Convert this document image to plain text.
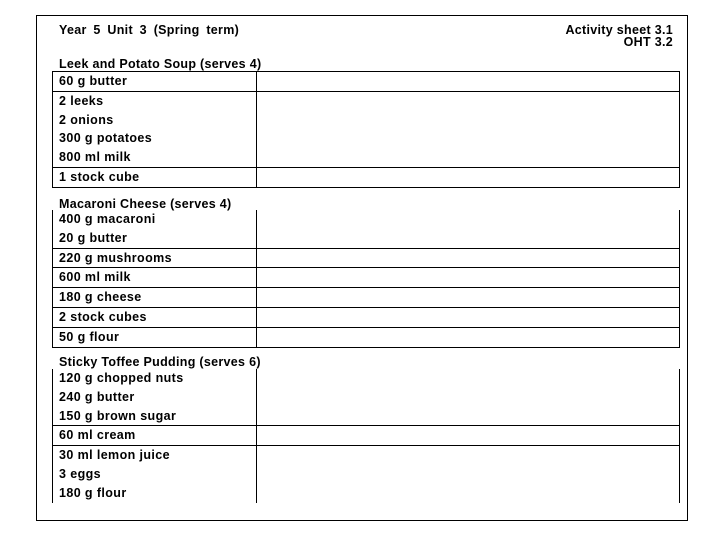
Year 5 Unit 3 (Spring term)	Activity sheet 3.1
OHT 3.2
Leek and Potato Soup (serves 4)
60 g butter
2 leeks
2 onions
300 g potatoes
800 ml milk
1 stock cube
Macaroni Cheese (serves 4)
400 g macaroni
20 g butter
220 g mushrooms
600 ml milk
180 g cheese
2 stock cubes
50 g flour
Sticky Toffee Pudding (serves 6)
120 g chopped nuts
240 g butter
150 g brown sugar
60 ml cream
30 ml lemon juice
3 eggs
180 g flour
